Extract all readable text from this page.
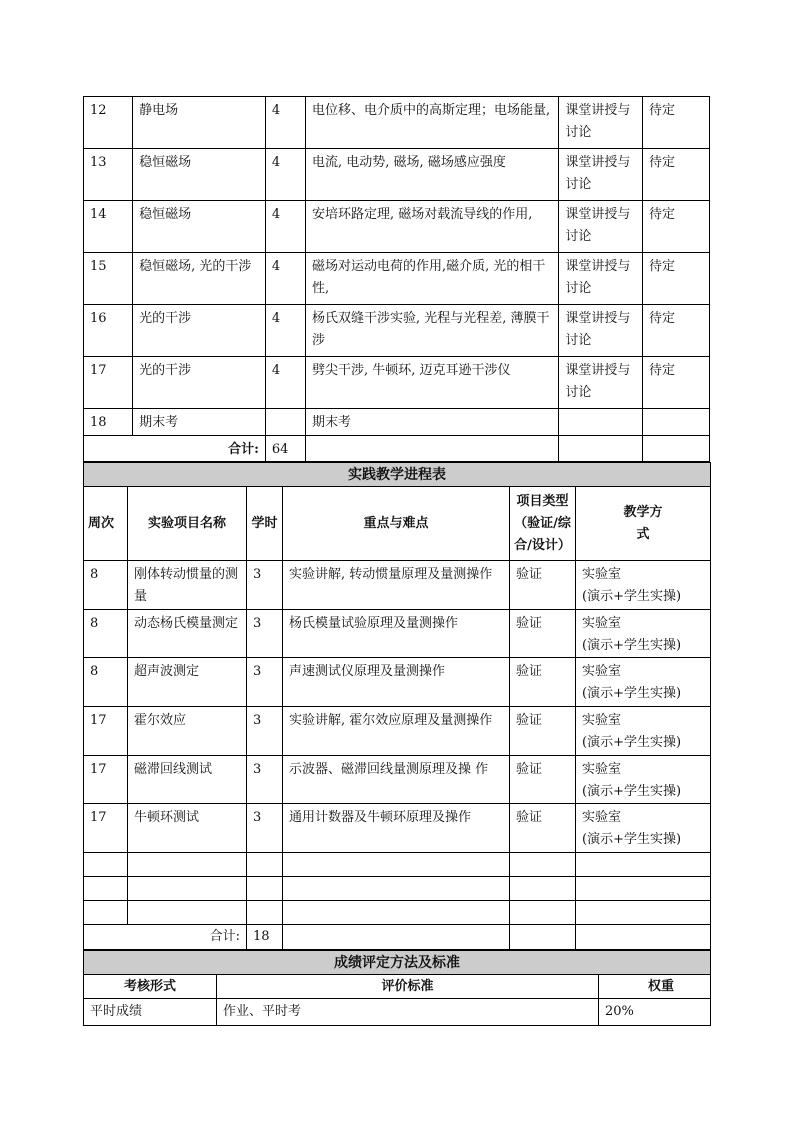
12	静电场	4	电位移、电介质中的高斯定理；电场能量,	课堂讲授与讨论	待定
13	稳恒磁场	4	电流, 电动势, 磁场, 磁场感应强度	课堂讲授与讨论	待定
14	稳恒磁场	4	安培环路定理, 磁场对载流导线的作用,	课堂讲授与讨论	待定
15	稳恒磁场, 光的干涉	4	磁场对运动电荷的作用,磁介质, 光的相干 性,	课堂讲授与讨论	待定
16	光的干涉	4	杨氏双缝干涉实验, 光程与光程差, 薄膜干涉	课堂讲授与讨论	待定
17	光的干涉	4	劈尖干涉, 牛顿环, 迈克耳逊干涉仪	课堂讲授与讨论	待定
18	期末考		期末考		
合计:		64			
实践教学进程表					
周次	实验项目名称	学时	重点与难点	项目类型（验证/综合/设计）	教学方式
8	刚体转动惯量的测量	3	实验讲解, 转动惯量原理及量测操作	验证	实验室
(演示+学生实操)

8	动态杨氏模量测定	3	杨氏模量试验原理及量测操作	验证	实验室
(演示+学生实操)

8	超声波测定	3	声速测试仪原理及量测操作	验证	实验室
(演示+学生实操)

17	霍尔效应	3	实验讲解, 霍尔效应原理及量测操作	验证	实验室
(演示+学生实操)

17	磁滞回线测试	3	示波器、磁滞回线量测原理及操 作	验证	实验室
(演示+学生实操)

17	牛顿环测试	3	通用计数器及牛顿环原理及操作	验证	实验室
(演示+学生实操)

合计:		18			
成绩评定方法及标准		
考核形式	评价标准	权重
平时成绩	作业、平时考	20%
